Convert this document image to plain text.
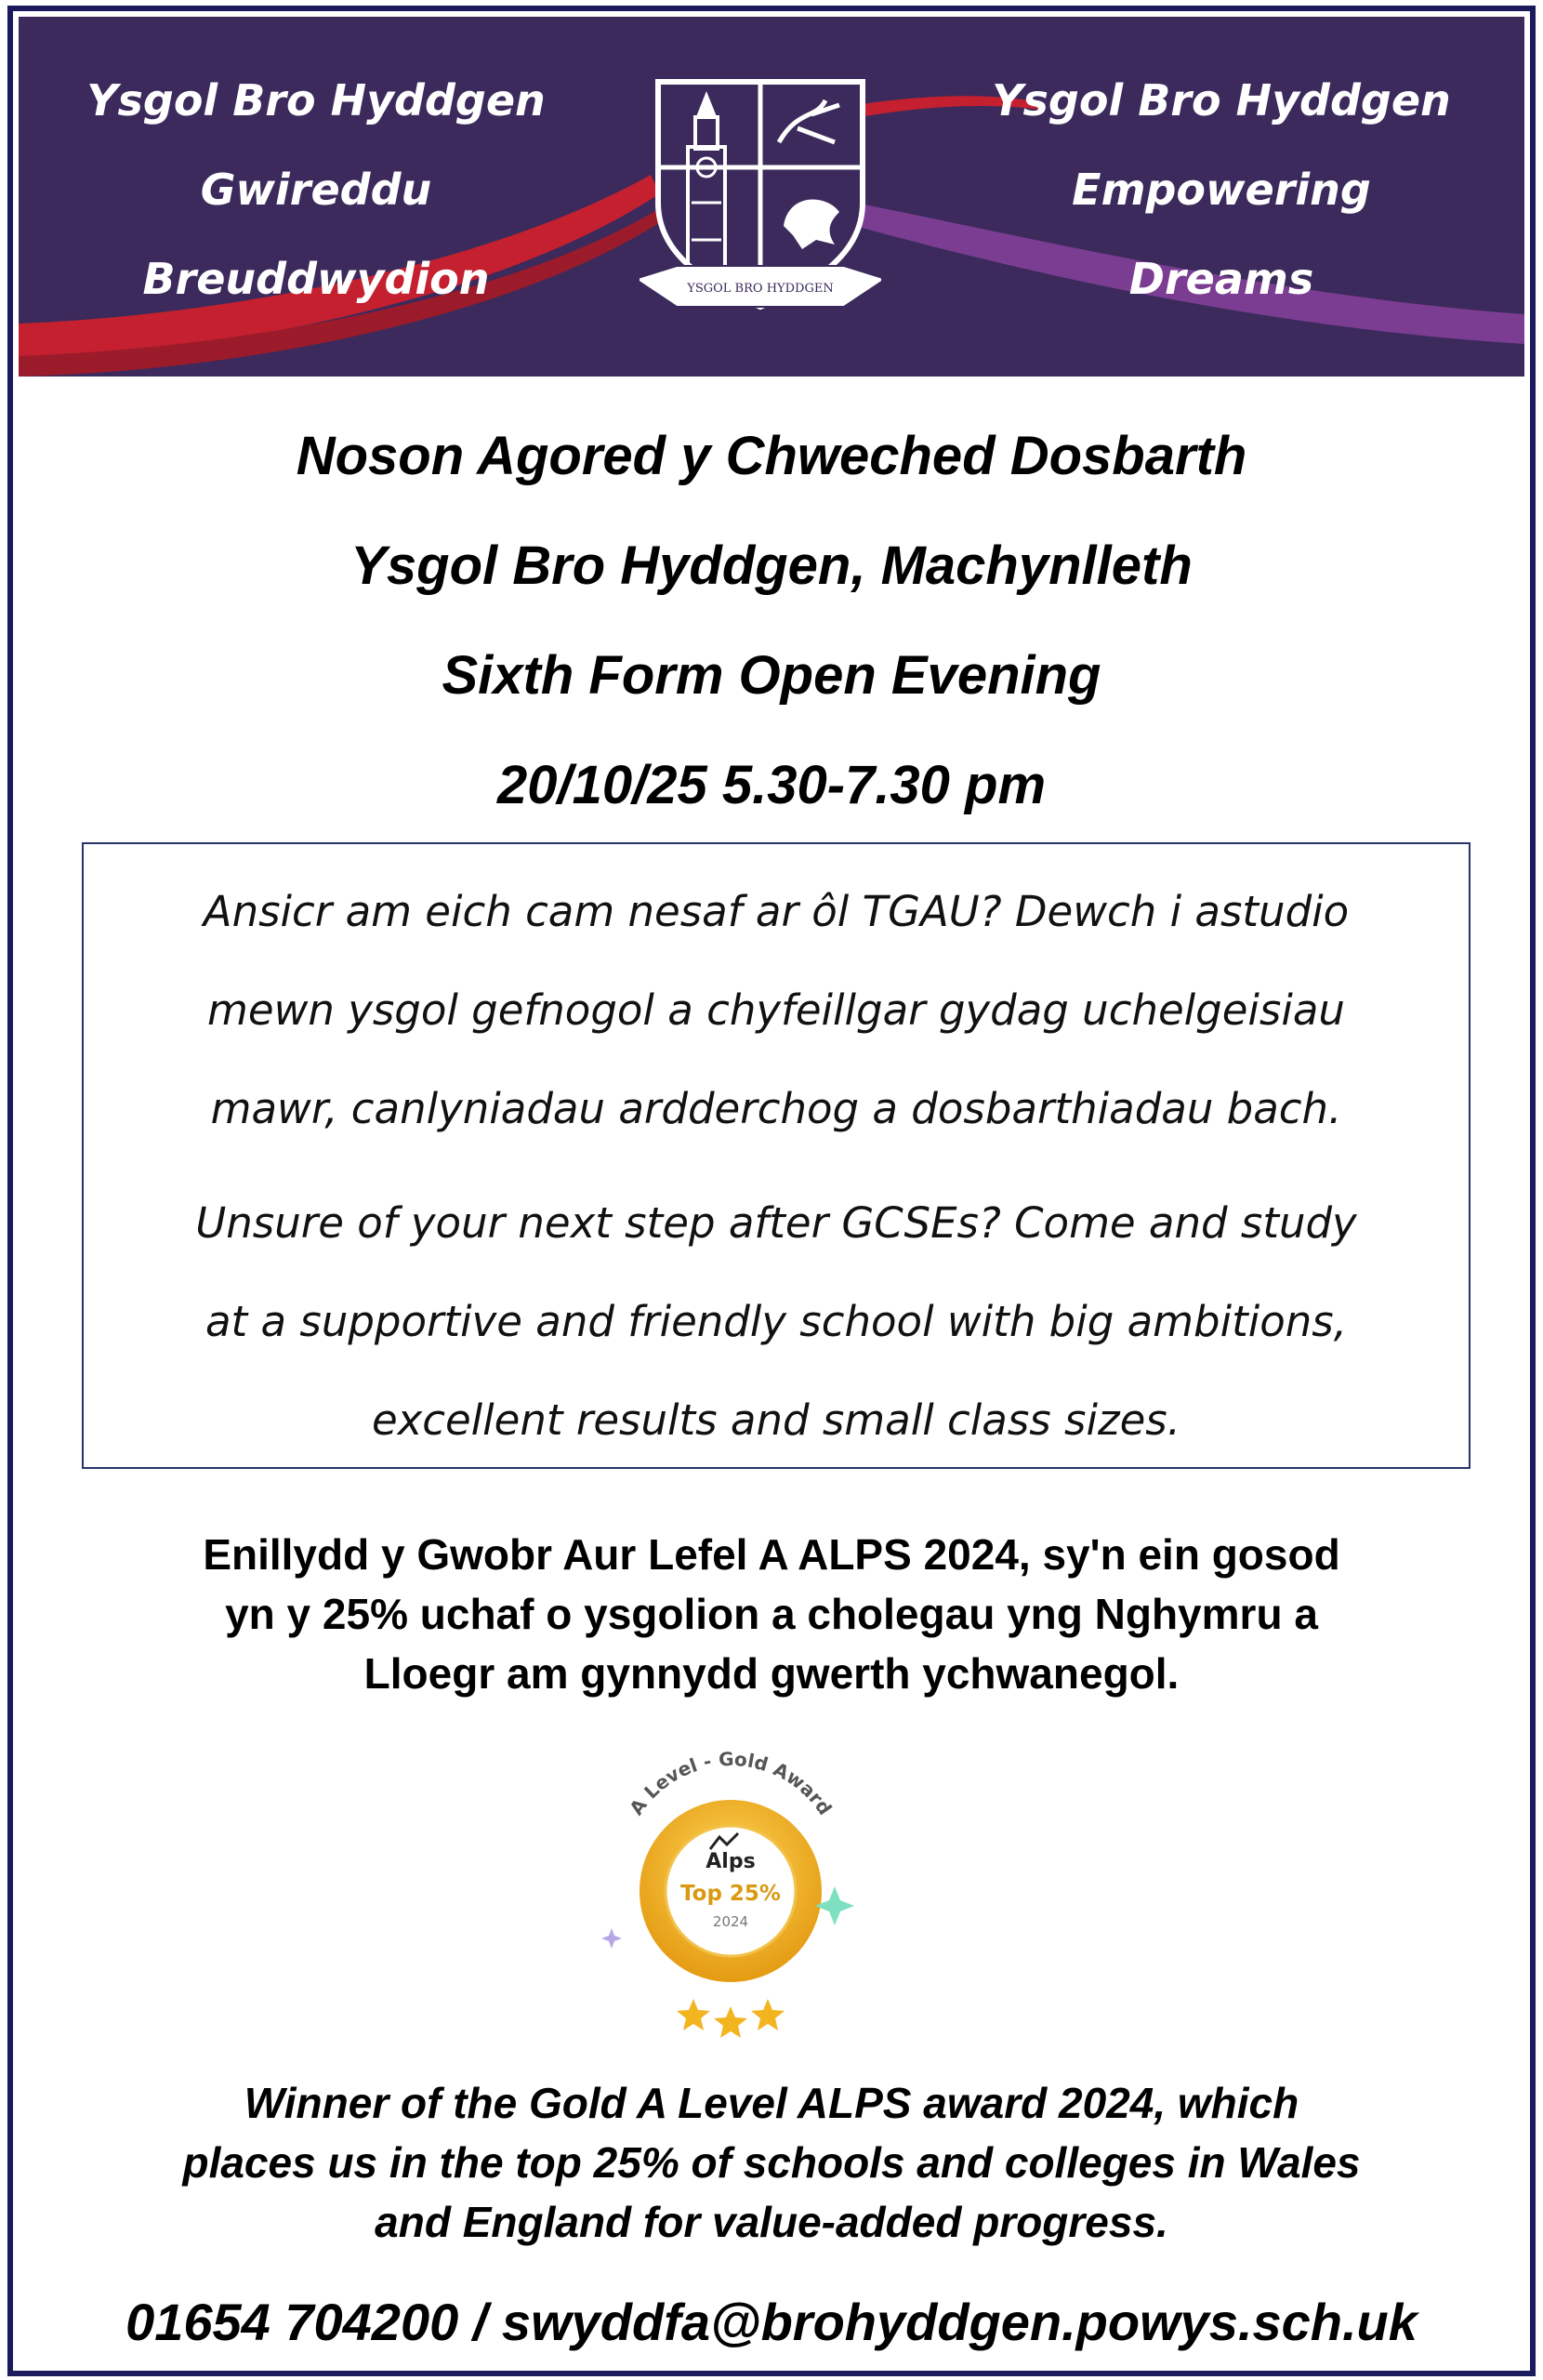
Ysgol Bro Hyddgen
Gwireddu
Breuddwydion	YSGOL BRO HYDDGEN
Ysgol Bro Hyddgen
Empowering
Dreams
Noson Agored y Chweched Dosbarth
Ysgol Bro Hyddgen, Machynlleth
Sixth Form Open Evening
20/10/25 5.30-7.30 pm
Ansicr am eich cam nesaf ar ôl TGAU? Dewch i astudio
mewn ysgol gefnogol a chyfeillgar gydag uchelgeisiau
mawr, canlyniadau ardderchog a dosbarthiadau bach.
Unsure of your next step after GCSEs? Come and study
at a supportive and friendly school with big ambitions,
excellent results and small class sizes.
Enillydd y Gwobr Aur Lefel A ALPS 2024, sy'n ein gosod
yn y 25% uchaf o ysgolion a cholegau yng Nghymru a
Lloegr am gynnydd gwerth ychwanegol.
A Level - Gold Award
Alps
Top 25%
2024
Winner of the Gold A Level ALPS award 2024, which
places us in the top 25% of schools and colleges in Wales
and England for value-added progress.
01654 704200 / swyddfa@brohyddgen.powys.sch.uk
